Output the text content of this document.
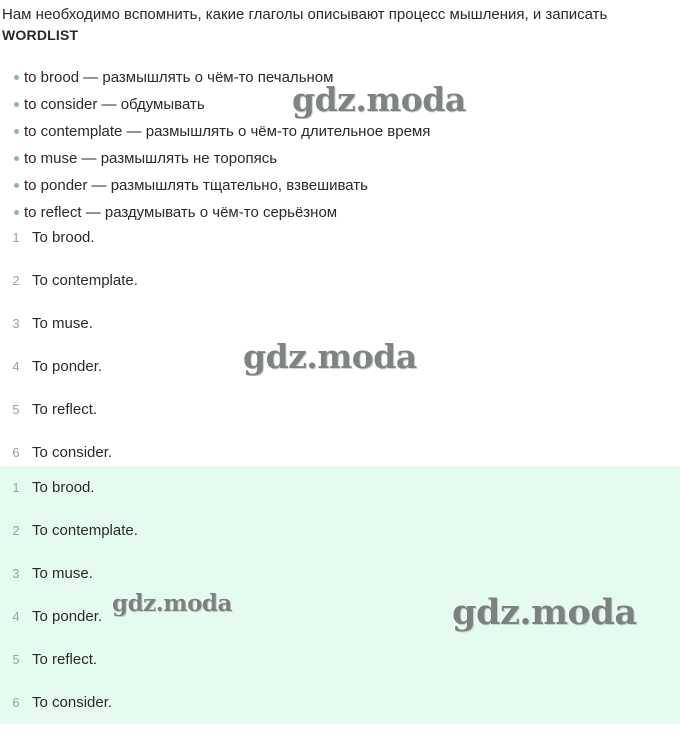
Нам необходимо вспомнить, какие глаголы описывают процесс мышления, и записать
WORDLIST
to brood — размышлять о чём-то печальном
to consider — обдумывать
to contemplate — размышлять о чём-то длительное время
to muse — размышлять не торопясь
to ponder — размышлять тщательно, взвешивать
to reflect — раздумывать о чём-то серьёзном
1 To brood.
2 To contemplate.
3 To muse.
4 To ponder.
5 To reflect.
6 To consider.
1 To brood.
2 To contemplate.
3 To muse.
4 To ponder.
5 To reflect.
6 To consider.
gdz.moda
gdz.moda
gdz.moda	gdz.moda
